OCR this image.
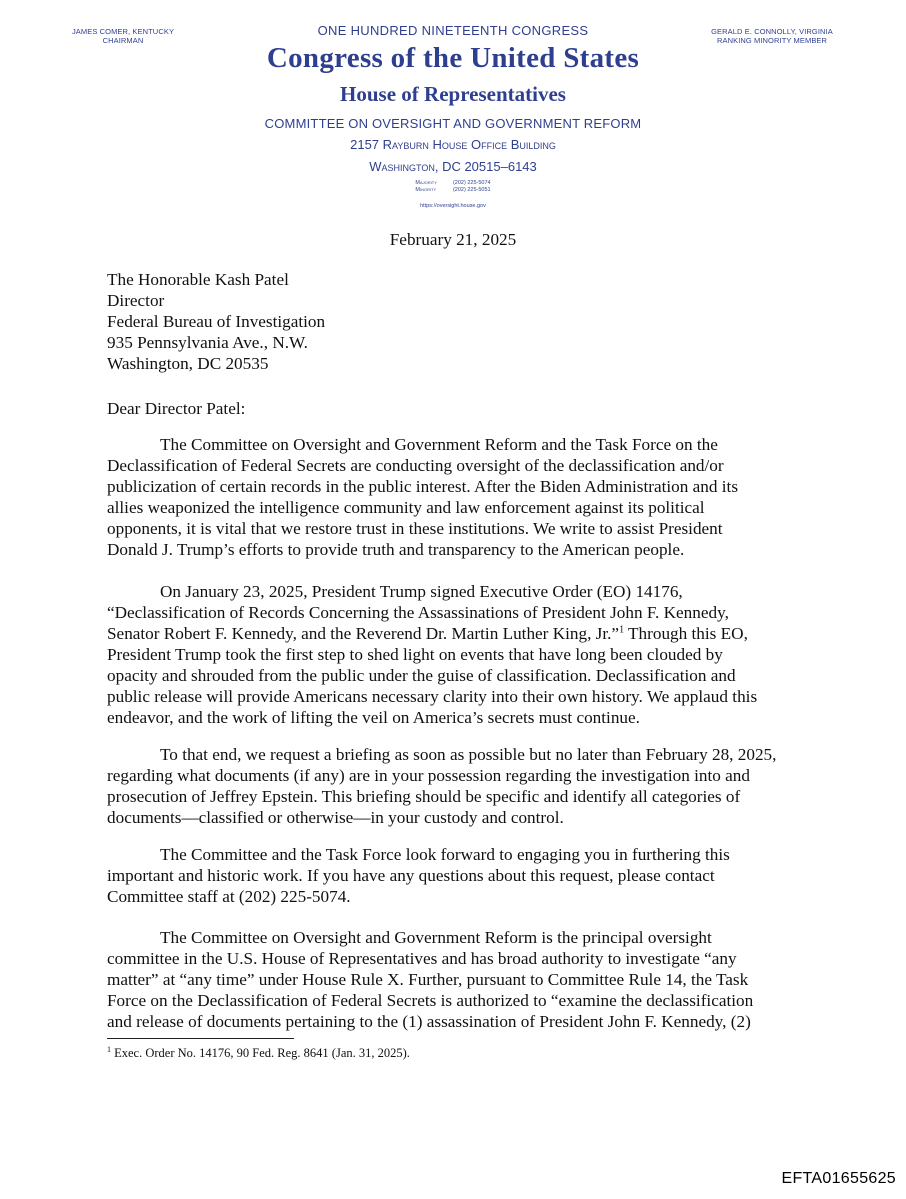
JAMES COMER, KENTUCKY
CHAIRMAN
GERALD E. CONNOLLY, VIRGINIA
RANKING MINORITY MEMBER
ONE HUNDRED NINETEENTH CONGRESS
Congress of the United States
House of Representatives
COMMITTEE ON OVERSIGHT AND GOVERNMENT REFORM
2157 Rayburn House Office Building
Washington, DC 20515–6143
Majority	(202) 225-5074
Minority	(202) 225-5051
https://oversight.house.gov
February 21, 2025
The Honorable Kash Patel
Director
Federal Bureau of Investigation
935 Pennsylvania Ave., N.W.
Washington, DC 20535
Dear Director Patel:
The Committee on Oversight and Government Reform and the Task Force on the
Declassification of Federal Secrets are conducting oversight of the declassification and/or
publicization of certain records in the public interest. After the Biden Administration and its
allies weaponized the intelligence community and law enforcement against its political
opponents, it is vital that we restore trust in these institutions. We write to assist President
Donald J. Trump’s efforts to provide truth and transparency to the American people.
On January 23, 2025, President Trump signed Executive Order (EO) 14176,
“Declassification of Records Concerning the Assassinations of President John F. Kennedy,
Senator Robert F. Kennedy, and the Reverend Dr. Martin Luther King, Jr.”$^1$ Through this EO,
President Trump took the first step to shed light on events that have long been clouded by
opacity and shrouded from the public under the guise of classification. Declassification and
public release will provide Americans necessary clarity into their own history. We applaud this
endeavor, and the work of lifting the veil on America’s secrets must continue.
To that end, we request a briefing as soon as possible but no later than February 28, 2025,
regarding what documents (if any) are in your possession regarding the investigation into and
prosecution of Jeffrey Epstein. This briefing should be specific and identify all categories of
documents—classified or otherwise—in your custody and control.
The Committee and the Task Force look forward to engaging you in furthering this
important and historic work. If you have any questions about this request, please contact
Committee staff at (202) 225-5074.
The Committee on Oversight and Government Reform is the principal oversight
committee in the U.S. House of Representatives and has broad authority to investigate “any
matter” at “any time” under House Rule X. Further, pursuant to Committee Rule 14, the Task
Force on the Declassification of Federal Secrets is authorized to “examine the declassification
and release of documents pertaining to the (1) assassination of President John F. Kennedy, (2)
$^1$ Exec. Order No. 14176, 90 Fed. Reg. 8641 (Jan. 31, 2025).
EFTA01655625
